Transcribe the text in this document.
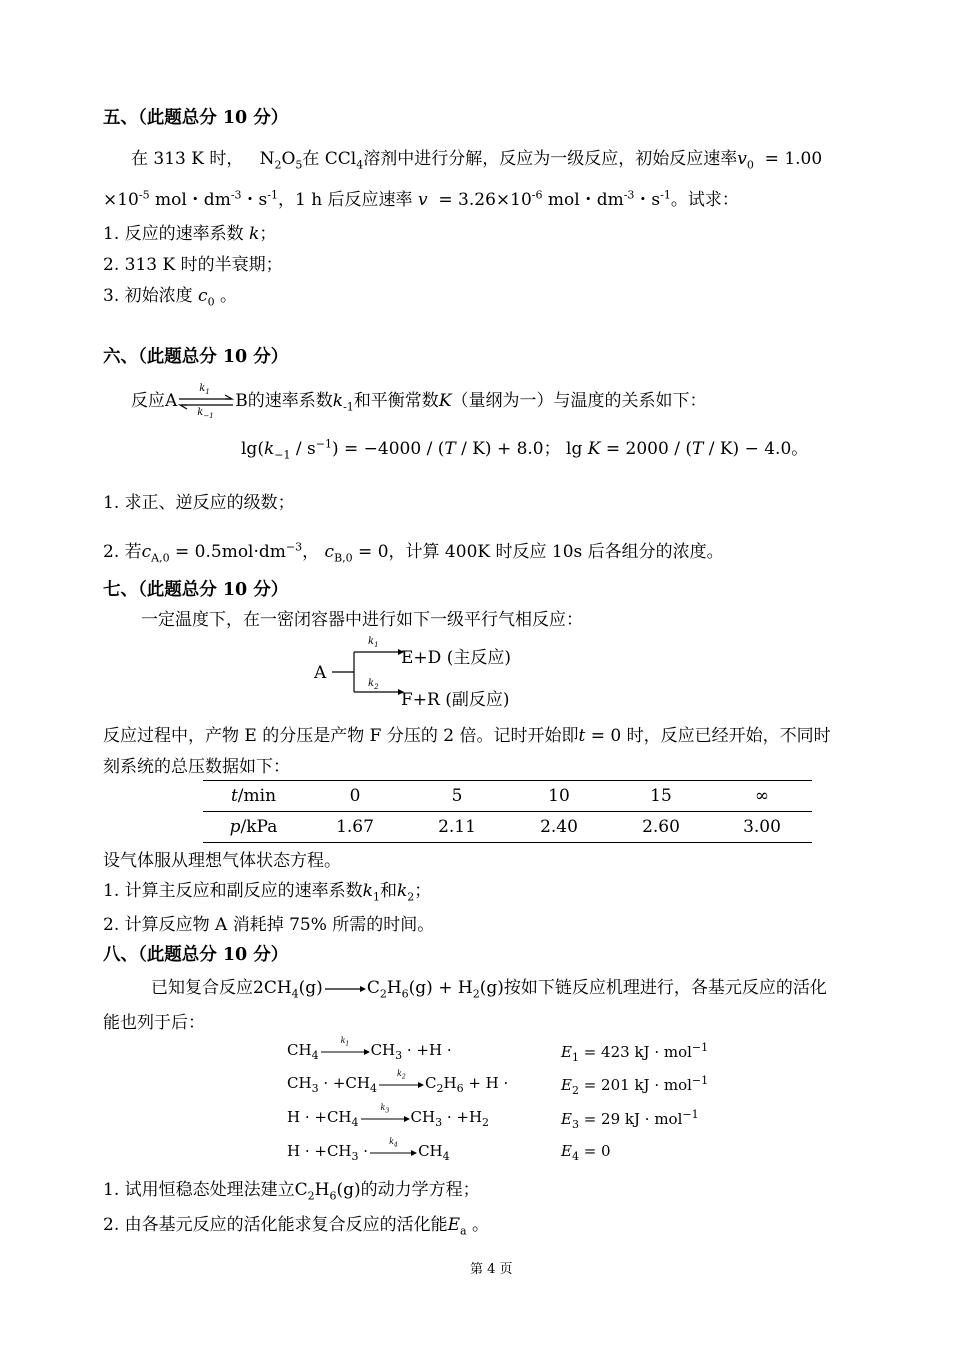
五、（此题总分 10 分）
在 313 K 时， $N_2O_5$在 CCl$_4$溶剂中进行分解，反应为一级反应，初始反应速率$v_0 = 1.00$
$\times 10^{-5}$ mol・$dm^{-3}$・$s^{-1}$，1 h 后反应速率 $v = 3.26\times 10^{-6}$ mol・$dm^{-3}$・$s^{-1}$。试求：
1. 反应的速率系数 k；
2. 313 K 时的半衰期；
3. 初始浓度 $c_0$ 。
六、（此题总分 10 分）
反应A
$k_1$
$k_{-1}$
B的速率系数$k_{-1}$和平衡常数K（量纲为一）与温度的关系如下：
$\lg(k_{-1} / s^{-1}) = -4000 / (T / K) + 8.0$； lg K = 2000 / (T / K) − 4.0。
1. 求正、逆反应的级数；
2. 若$c_{A,0} = 0.5mol\cdot dm^{-3}$， $c_{B,0} = 0$，计算 400K 时反应 10s 后各组分的浓度。
七、（此题总分 10 分）
一定温度下，在一密闭容器中进行如下一级平行气相反应：
A
$k_1$
$k_2$
E+D (主反应)
F+R (副反应)
反应过程中，产物 E 的分压是产物 F 分压的 2 倍。记时开始即t = 0 时，反应已经开始，不同时
刻系统的总压数据如下：
t/min	0	5	10	15	∞
p/kPa	1.67	2.11	2.40	2.60	3.00
设气体服从理想气体状态方程。
1. 计算主反应和副反应的速率系数$k_1$和$k_2$；
2. 计算反应物 A 消耗掉 75% 所需的时间。
八、（此题总分 10 分）
已知复合反应$2CH_4(g)\to C_2H_6(g) + H_2(g)$按如下链反应机理进行，各基元反应的活化
能也列于后：
$CH_4$
$k_1$ $CH_3 \cdot +H$ ·	$E_1 = 423$ kJ · mol$^{-1}$
$CH_3 \cdot +CH_4$
$k_2$ $C_2H_6 + H$ ·	$E_2 = 201$ kJ · mol$^{-1}$
$H \cdot +CH_4$
$k_3$ $CH_3 \cdot +H_2$	$E_3 = 29$ kJ · mol$^{-1}$
$H \cdot +CH_3$ ·
$k_4$ $CH_4$	$E_4 = 0$
1. 试用恒稳态处理法建立$C_2H_6(g)$的动力学方程；
2. 由各基元反应的活化能求复合反应的活化能$E_a$ 。
第 4 页
